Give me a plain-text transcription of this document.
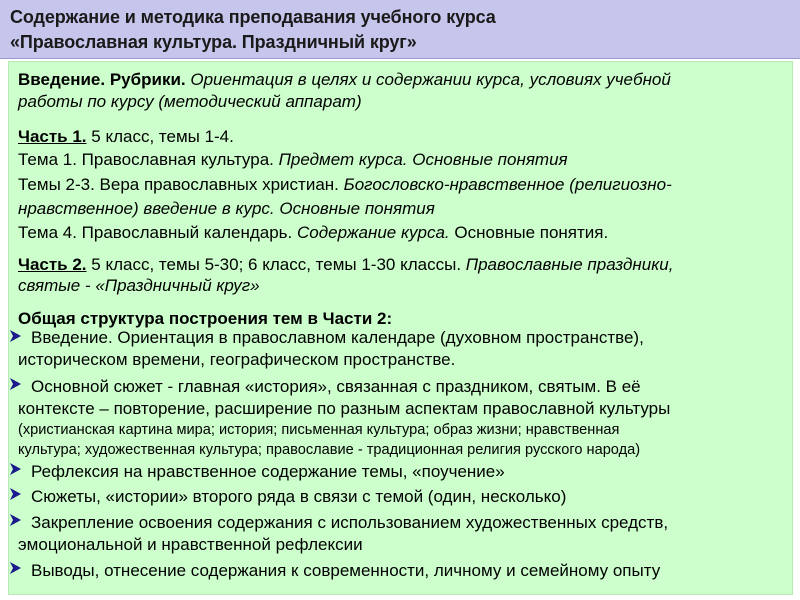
Содержание и методика преподавания учебного курса
«Православная культура. Праздничный круг»
Введение. Рубрики. Ориентация в целях и содержании курса, условиях учебной
работы по курсу (методический аппарат)
Часть 1. 5 класс, темы 1-4.
Тема 1. Православная культура. Предмет курса. Основные понятия
Темы 2-3. Вера православных христиан. Богословско-нравственное (религиозно-
нравственное) введение в курс. Основные понятия
Тема 4. Православный календарь. Содержание курса. Основные понятия.
Часть 2. 5 класс, темы 5-30; 6 класс, темы 1-30 классы. Православные праздники,
святые - «Праздничный круг»
Общая структура построения тем в Части 2:
Введение. Ориентация в православном календаре (духовном пространстве),
историческом времени, географическом пространстве.
Основной сюжет - главная «история», связанная с праздником, святым. В её
контексте – повторение, расширение по разным аспектам православной культуры
(христианская картина мира; история; письменная культура; образ жизни; нравственная
культура; художественная культура; православие - традиционная религия русского народа)
Рефлексия на нравственное содержание темы, «поучение»
Сюжеты, «истории» второго ряда в связи с темой (один, несколько)
Закрепление освоения содержания с использованием художественных средств,
эмоциональной и нравственной рефлексии
Выводы, отнесение содержания к современности, личному и семейному опыту
